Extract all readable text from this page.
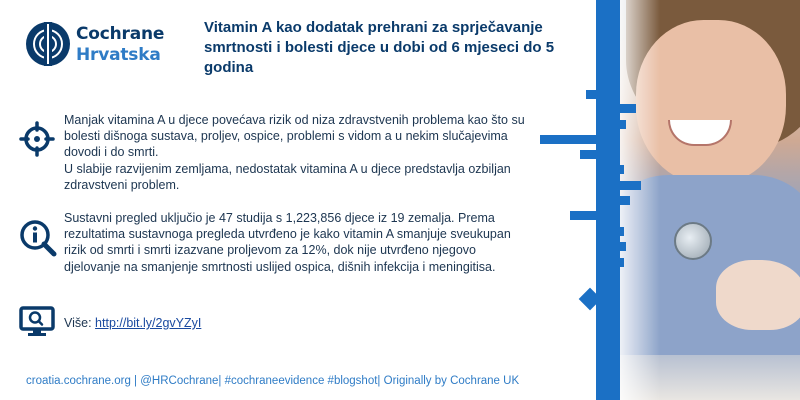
Cochrane
Hrvatska
Vitamin A kao dodatak prehrani za sprječavanje smrtnosti i bolesti djece u dobi od 6 mjeseci do 5 godina

Manjak vitamina A u djece povećava rizik od niza zdravstvenih problema kao što su bolesti dišnoga sustava, proljev, ospice, problemi s vidom a u nekim slučajevima dovodi i do smrti.

U slabije razvijenim zemljama, nedostatak vitamina A u djece predstavlja ozbiljan zdravstveni problem.

Sustavni pregled uključio je 47 studija s 1,223,856 djece iz 19 zemalja. Prema rezultatima sustavnoga pregleda utvrđeno je kako vitamin A smanjuje sveukupan rizik od smrti i smrti izazvane proljevom za 12%, dok nije utvrđeno njegovo djelovanje na smanjenje smrtnosti uslijed ospica, dišnih infekcija i meningitisa.

Više: http://bit.ly/2gvYZyI
croatia.cochrane.org | @HRCochrane| #cochraneevidence #blogshot| Originally by Cochrane UK
